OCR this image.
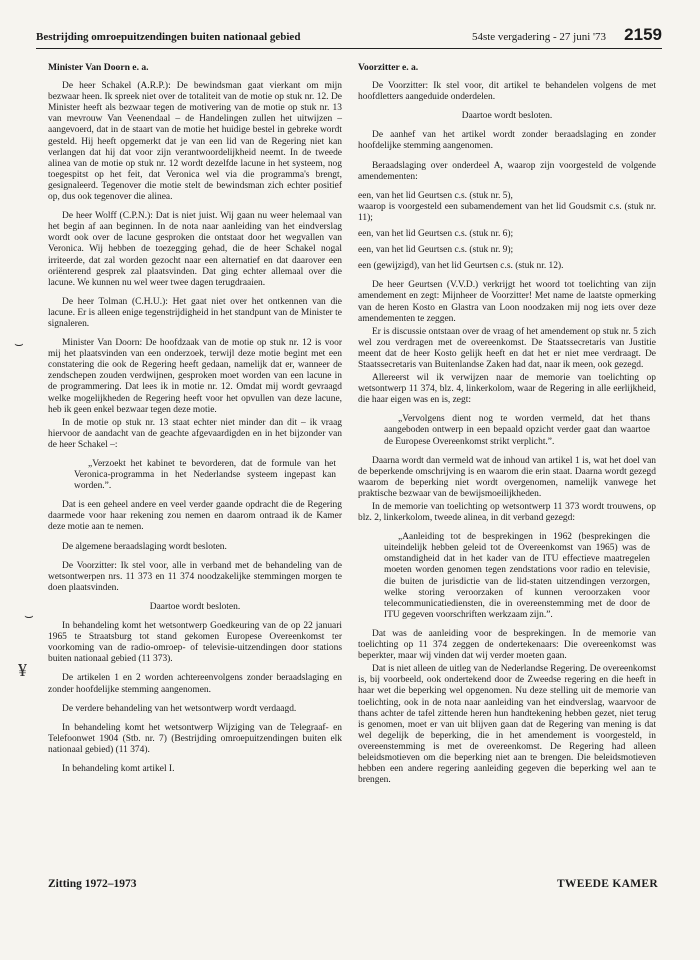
Bestrijding omroepuitzendingen buiten nationaal gebied	54ste vergadering - 27 juni '73 2159

Minister Van Doorn e. a.

De heer Schakel (A.R.P.): De bewindsman gaat vierkant om mijn bezwaar heen. Ik spreek niet over de totaliteit van de motie op stuk nr. 12. De Minister heeft als bezwaar tegen de motivering van de motie op stuk nr. 13 van mevrouw Van Veenendaal – de Handelingen zullen het uitwijzen – aangevoerd, dat in de staart van de motie het huidige bestel in gebreke wordt gesteld. Hij heeft opgemerkt dat je van een lid van de Regering niet kan verlangen dat hij dat voor zijn verantwoordelijkheid neemt. In de tweede alinea van de motie op stuk nr. 12 wordt dezelfde lacune in het systeem, nog toegespitst op het feit, dat Veronica wel via die programma's brengt, gesignaleerd. Tegenover die motie stelt de bewindsman zich echter positief op, dus ook tegenover die alinea.

De heer Wolff (C.P.N.): Dat is niet juist. Wij gaan nu weer helemaal van het begin af aan beginnen. In de nota naar aanleiding van het eindverslag wordt ook over de lacune gesproken die ontstaat door het wegvallen van Veronica. Wij hebben de toezegging gehad, die de heer Schakel nogal irriteerde, dat zal worden gezocht naar een alternatief en dat daarover een oriënterend gesprek zal plaatsvinden. Dat ging echter allemaal over die lacune. We kunnen nu wel weer twee dagen terugdraaien.

De heer Tolman (C.H.U.): Het gaat niet over het ontkennen van die lacune. Er is alleen enige tegenstrijdigheid in het standpunt van de Minister te signaleren.

Minister Van Doorn: De hoofdzaak van de motie op stuk nr. 12 is voor mij het plaatsvinden van een onderzoek, terwijl deze motie begint met een constatering die ook de Regering heeft gedaan, namelijk dat er, wanneer de zendschepen zouden verdwijnen, gesproken moet worden van een lacune in de programmering. Dat lees ik in motie nr. 12. Omdat mij wordt gevraagd welke mogelijkheden de Regering heeft voor het opvullen van deze lacune, heb ik geen enkel bezwaar tegen deze motie.

In de motie op stuk nr. 13 staat echter niet minder dan dit – ik vraag hiervoor de aandacht van de geachte afgevaardigden en in het bijzonder van de heer Schakel –:

„Verzoekt het kabinet te bevorderen, dat de formule van het Veronica-programma in het Nederlandse systeem ingepast kan worden.”.

Dat is een geheel andere en veel verder gaande opdracht die de Regering daarmede voor haar rekening zou nemen en daarom ontraad ik de Kamer deze motie aan te nemen.

De algemene beraadslaging wordt besloten.

De Voorzitter: Ik stel voor, alle in verband met de behandeling van de wetsontwerpen nrs. 11 373 en 11 374 noodzakelijke stemmingen morgen te doen plaatsvinden.

Daartoe wordt besloten.

In behandeling komt het wetsontwerp Goedkeuring van de op 22 januari 1965 te Straatsburg tot stand gekomen Europese Overeenkomst ter voorkoming van de radio-omroep- of televisie-uitzendingen door stations buiten nationaal gebied (11 373).

De artikelen 1 en 2 worden achtereenvolgens zonder beraadslaging en zonder hoofdelijke stemming aangenomen.

De verdere behandeling van het wetsontwerp wordt verdaagd.

In behandeling komt het wetsontwerp Wijziging van de Telegraaf- en Telefoonwet 1904 (Stb. nr. 7) (Bestrijding omroepuitzendingen buiten elk nationaal gebied) (11 374).

In behandeling komt artikel I.

Voorzitter e. a.

De Voorzitter: Ik stel voor, dit artikel te behandelen volgens de met hoofdletters aangeduide onderdelen.

Daartoe wordt besloten.

De aanhef van het artikel wordt zonder beraadslaging en zonder hoofdelijke stemming aangenomen.

Beraadslaging over onderdeel A, waarop zijn voorgesteld de volgende amendementen:

een, van het lid Geurtsen c.s. (stuk nr. 5),

waarop is voorgesteld een subamendement van het lid Goudsmit c.s. (stuk nr. 11);

een, van het lid Geurtsen c.s. (stuk nr. 6);

een, van het lid Geurtsen c.s. (stuk nr. 9);

een (gewijzigd), van het lid Geurtsen c.s. (stuk nr. 12).

De heer Geurtsen (V.V.D.) verkrijgt het woord tot toelichting van zijn amendement en zegt: Mijnheer de Voorzitter! Met name de laatste opmerking van de heren Kosto en Glastra van Loon noodzaken mij nog iets over deze amendementen te zeggen.

Er is discussie ontstaan over de vraag of het amendement op stuk nr. 5 zich wel zou verdragen met de overeenkomst. De Staatssecretaris van Justitie meent dat de heer Kosto gelijk heeft en dat het er niet mee verdraagt. De Staatssecretaris van Buitenlandse Zaken had dat, naar ik meen, ook gezegd.

Allereerst wil ik verwijzen naar de memorie van toelichting op wetsontwerp 11 374, blz. 4, linkerkolom, waar de Regering in alle eerlijkheid, die haar eigen was en is, zegt:

„Vervolgens dient nog te worden vermeld, dat het thans aangeboden ontwerp in een bepaald opzicht verder gaat dan waartoe de Europese Overeenkomst strikt verplicht.”.

Daarna wordt dan vermeld wat de inhoud van artikel 1 is, wat het doel van de beperkende omschrijving is en waarom die erin staat. Daarna wordt gezegd waarom de beperking niet wordt overgenomen, namelijk vanwege het praktische bezwaar van de bewijsmoeilijkheden.

In de memorie van toelichting op wetsontwerp 11 373 wordt trouwens, op blz. 2, linkerkolom, tweede alinea, in dit verband gezegd:

„Aanleiding tot de besprekingen in 1962 (besprekingen die uiteindelijk hebben geleid tot de Overeenkomst van 1965) was de omstandigheid dat in het kader van de ITU effectieve maatregelen moeten worden genomen tegen zendstations voor radio en televisie, die buiten de jurisdictie van de lid-staten uitzendingen verzorgen, welke storing veroorzaken of kunnen veroorzaken voor telecommunicatiediensten, die in overeenstemming met de door de ITU gegeven voorschriften werkzaam zijn.”.

Dat was de aanleiding voor de besprekingen. In de memorie van toelichting op 11 374 zeggen de ondertekenaars: Die overeenkomst was beperkter, maar wij vinden dat wij verder moeten gaan.

Dat is niet alleen de uitleg van de Nederlandse Regering. De overeenkomst is, bij voorbeeld, ook ondertekend door de Zweedse regering en die heeft in haar wet die beperking wel opgenomen. Nu deze stelling uit de memorie van toelichting, ook in de nota naar aanleiding van het eindverslag, waarvoor de thans achter de tafel zittende heren hun handtekening hebben gezet, niet terug is genomen, moet er van uit blijven gaan dat de Regering van mening is dat wel degelijk de beperking, die in het amendement is voorgesteld, in overeenstemming is met de overeenkomst. De Regering had alleen beleidsmotieven om die beperking niet aan te brengen. Die beleidsmotieven hebben een andere regering aanleiding gegeven die beperking wel aan te brengen.

⌣
⌣
¥
Zitting 1972–1973	TWEEDE KAMER
